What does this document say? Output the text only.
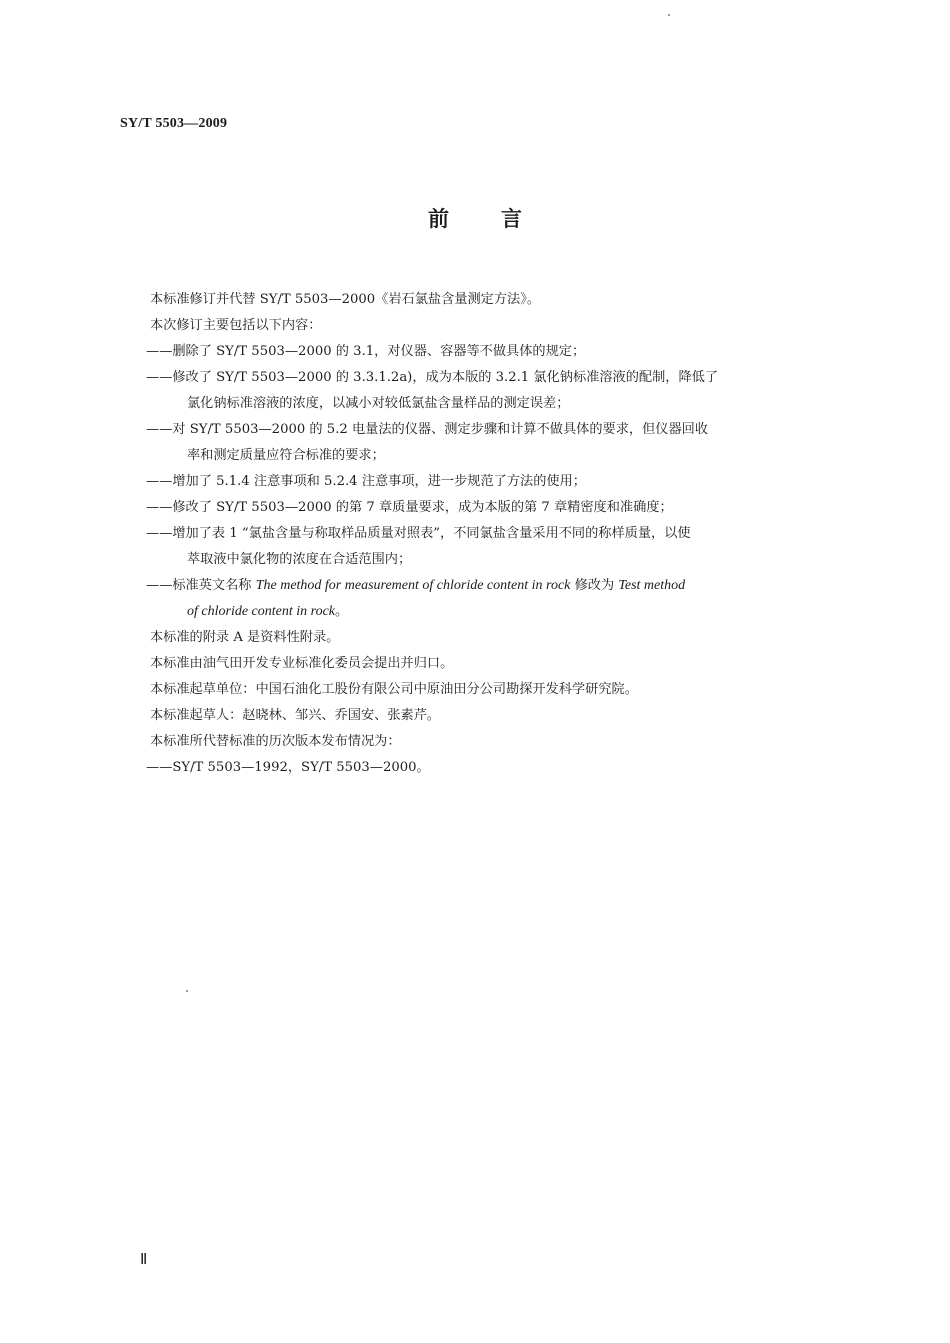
SY/T 5503—2009
前言
本标准修订并代替 SY/T 5503—2000《岩石氯盐含量测定方法》。
本次修订主要包括以下内容：
——删除了 SY/T 5503—2000 的 3.1，对仪器、容器等不做具体的规定；
——修改了 SY/T 5503—2000 的 3.3.1.2a)，成为本版的 3.2.1 氯化钠标准溶液的配制，降低了
氯化钠标准溶液的浓度，以减小对较低氯盐含量样品的测定误差；
——对 SY/T 5503—2000 的 5.2 电量法的仪器、测定步骤和计算不做具体的要求，但仪器回收
率和测定质量应符合标准的要求；
——增加了 5.1.4 注意事项和 5.2.4 注意事项，进一步规范了方法的使用；
——修改了 SY/T 5503—2000 的第 7 章质量要求，成为本版的第 7 章精密度和准确度；
——增加了表 1 “氯盐含量与称取样品质量对照表”，不同氯盐含量采用不同的称样质量，以使
萃取液中氯化物的浓度在合适范围内；
——标准英文名称 The method for measurement of chloride content in rock 修改为 Test method
of chloride content in rock。
本标准的附录 A 是资料性附录。
本标准由油气田开发专业标准化委员会提出并归口。
本标准起草单位：中国石油化工股份有限公司中原油田分公司勘探开发科学研究院。
本标准起草人：赵晓林、邹兴、乔国安、张素芹。
本标准所代替标准的历次版本发布情况为：
——SY/T 5503—1992，SY/T 5503—2000。
Ⅱ
